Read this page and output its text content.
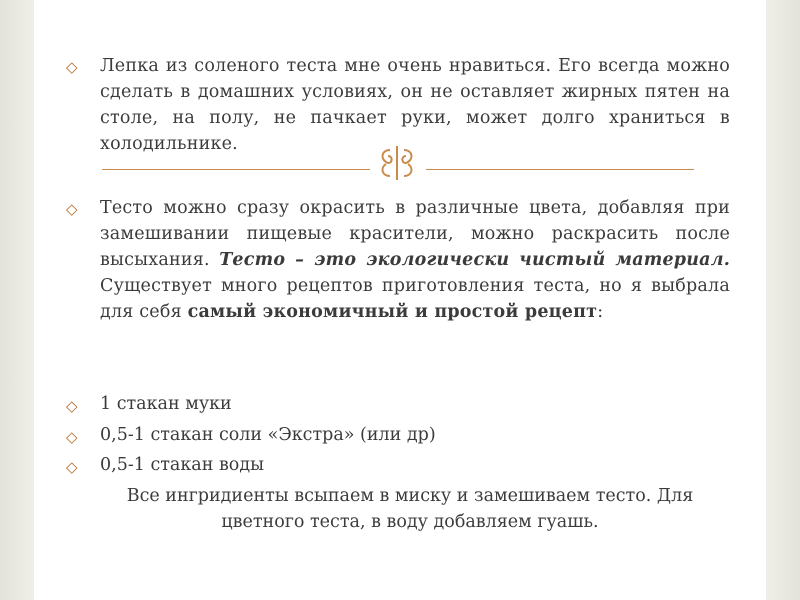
◇ Лепка из соленого теста мне очень нравиться. Его всегда можно сделать в домашних условиях, он не оставляет жирных пятен на столе, на полу, не пачкает руки, может долго храниться в холодильнике.
◇ Тесто можно сразу окрасить в различные цвета, добавляя при замешивании пищевые красители, можно раскрасить после высыхания. Тесто – это экологически чистый материал. Существует много рецептов приготовления теста, но я выбрала для себя самый экономичный и простой рецепт:
◇ 1 стакан муки
◇ 0,5-1 стакан соли «Экстра» (или др)
◇ 0,5-1 стакан воды
Все ингридиенты всыпаем в миску и замешиваем тесто. Для
цветного теста, в воду добавляем гуашь.
